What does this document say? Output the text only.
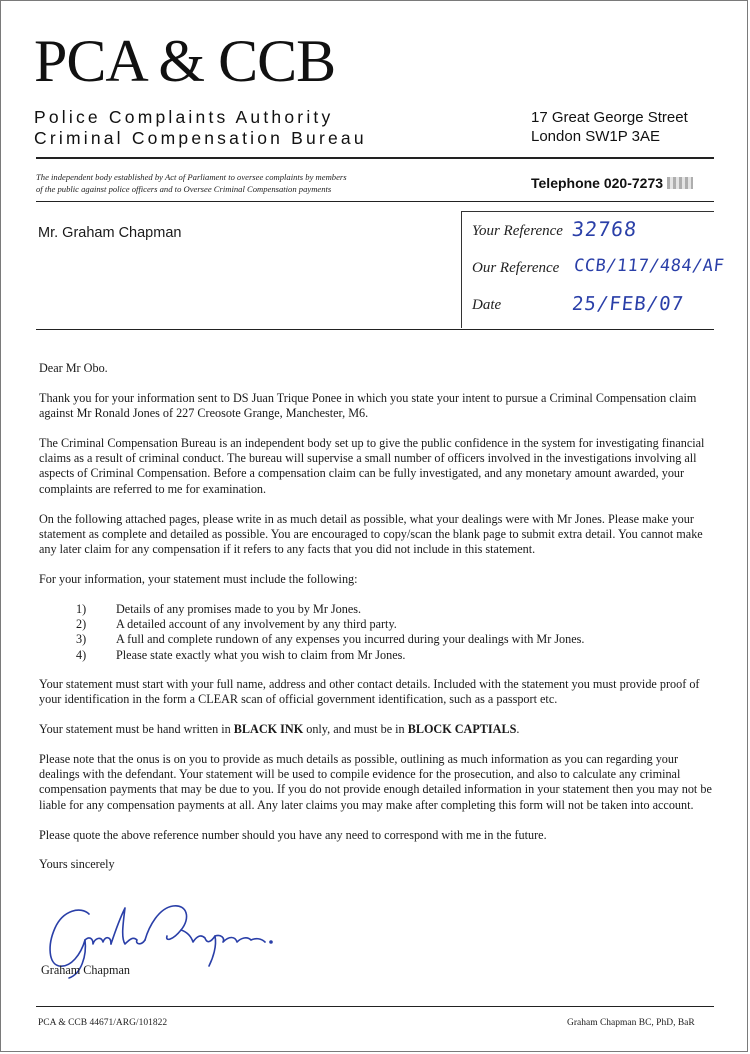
PCA & CCB
Police Complaints Authority
Criminal Compensation Bureau
17 Great George Street
London SW1P 3AE
The independent body established by Act of Parliament to oversee complaints by members
of the public against police officers and to Oversee Criminal Compensation payments	Telephone 020-7273
Mr. Graham Chapman	Your Reference 32768
Our Reference CCB/117/484/AF
Date	25/FEB/07

Dear Mr Obo.

Thank you for your information sent to DS Juan Trique Ponee in which you state your intent to pursue a Criminal Compensation claim against Mr Ronald Jones of 227 Creosote Grange, Manchester, M6.

The Criminal Compensation Bureau is an independent body set up to give the public confidence in the system for investigating financial claims as a result of criminal conduct. The bureau will supervise a small number of officers involved in the investigations involving all aspects of Criminal Compensation. Before a compensation claim can be fully investigated, and any monetary amount awarded, your complaints are referred to me for examination.

On the following attached pages, please write in as much detail as possible, what your dealings were with Mr Jones. Please make your statement as complete and detailed as possible. You are encouraged to copy/scan the blank page to submit extra detail. You cannot make any later claim for any compensation if it refers to any facts that you did not include in this statement.

For your information, your statement must include the following:

1)	Details of any promises made to you by Mr Jones.
2)	A detailed account of any involvement by any third party.
3)	A full and complete rundown of any expenses you incurred during your dealings with Mr Jones.
4)	Please state exactly what you wish to claim from Mr Jones.

Your statement must start with your full name, address and other contact details. Included with the statement you must provide proof of your identification in the form a CLEAR scan of official government identification, such as a passport etc.

Your statement must be hand written in BLACK INK only, and must be in BLOCK CAPTIALS.

Please note that the onus is on you to provide as much details as possible, outlining as much information as you can regarding your dealings with the defendant. Your statement will be used to compile evidence for the prosecution, and also to calculate any criminal compensation payments that may be due to you. If you do not provide enough detailed information in your statement then you may not be liable for any compensation payments at all. Any later claims you may make after completing this form will not be taken into account.

Please quote the above reference number should you have any need to correspond with me in the future.

Yours sincerely

Graham Chapman
PCA & CCB 44671/ARG/101822	Graham Chapman BC, PhD, BaR
